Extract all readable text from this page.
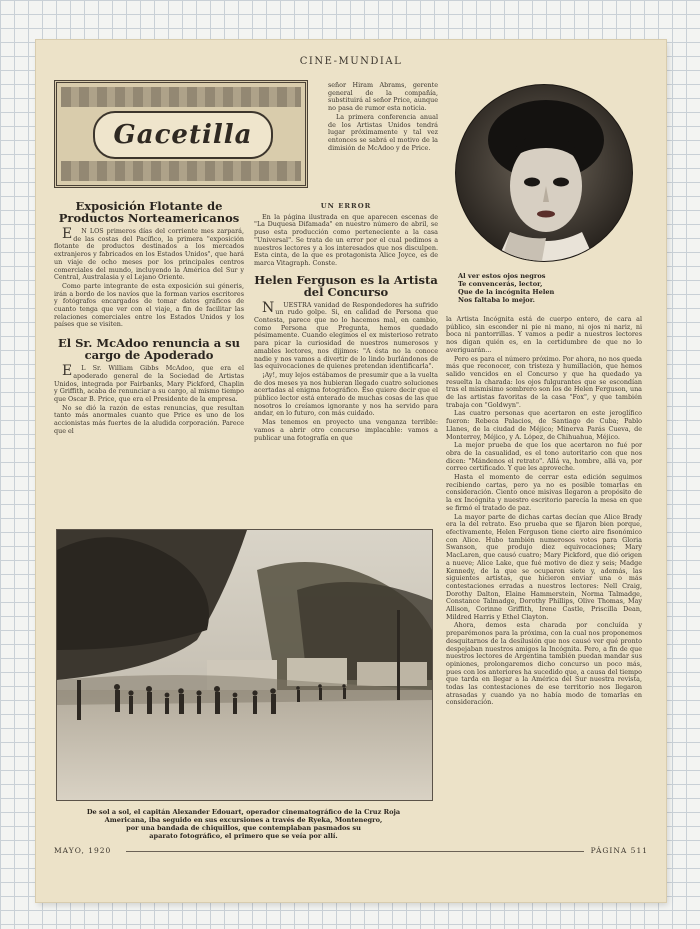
CINE-MUNDIAL
Gacetilla
Al ver estos ojos negros
Te convencerás, lector,
Que de la incógnita Helen
Nos faltaba lo mejor.
Exposición Flotante de Productos Norteamericanos

EN LOS primeros días del corriente mes zarpará, de las costas del Pacífico, la primera "exposición flotante de productos destinados a los mercados extranjeros y fabricados en los Estados Unidos", que hará un viaje de ocho meses por los principales centros comerciales del mundo, incluyendo la América del Sur y Central, Australasia y el Lejano Oriente.

Como parte integrante de esta exposición sui géneris, irán a bordo de los navíos que la forman varios escritores y fotógrafos encargados de tomar datos gráficos de cuanto tenga que ver con el viaje, a fin de facilitar las relaciones comerciales entre los Estados Unidos y los países que se visiten.

El Sr. McAdoo renuncia a su cargo de Apoderado

EL Sr. William Gibbs McAdoo, que era el apoderado general de la Sociedad de Artistas Unidos, integrada por Fairbanks, Mary Pickford, Chaplin y Griffith, acaba de renunciar a su cargo, al mismo tiempo que Oscar B. Price, que era el Presidente de la empresa.

No se dió la razón de estas renuncias, que resultan tanto más anormales cuanto que Price es uno de los accionistas más fuertes de la aludida corporación. Parece que el

señor Hiram Abrams, gerente general de la compañía, substituirá al señor Price, aunque no pasa de rumor esta noticia.

La primera conferencia anual de los Artistas Unidos tendrá lugar próximamente y tal vez entonces se sabrá el motivo de la dimisión de McAdoo y de Price.

UN ERROR

En la página ilustrada en que aparecen escenas de "La Duquesa Difamada" en nuestro número de abril, se puso esta producción como perteneciente a la casa "Universal". Se trata de un error por el cual pedimos a nuestros lectores y a los interesados que nos disculpen. Esta cinta, de la que es protagonista Alice Joyce, es de marca Vitagraph. Conste.

Helen Ferguson es la Artista del Concurso

NUESTRA vanidad de Respondedores ha sufrido un rudo golpe. Si, en calidad de Persona que Contesta, parece que no lo hacemos mal, en cambio, como Persona que Pregunta, hemos quedado pésimamente. Cuando elegimos el ex misterioso retrato para picar la curiosidad de nuestros numerosos y amables lectores, nos dijimos: "A ésta no la conoce nadie y nos vamos a divertir de lo lindo burlándonos de las equivocaciones de quienes pretendan identificarla".

¡Ay!, muy lejos estábamos de presumir que a la vuelta de dos meses ya nos hubieran llegado cuatro soluciones acertadas al enigma fotográfico. Eso quiere decir que el público lector está enterado de muchas cosas de las que nosotros lo creíamos ignorante y nos ha servido para andar, en lo futuro, con más cuidado.

Mas tenemos en proyecto una venganza terrible: vamos a abrir otro concurso implacable: vamos a publicar una fotografía en que

la Artista Incógnita está de cuerpo entero, de cara al público, sin esconder ni pie ni mano, ni ojos ni nariz, ni boca ni pantorrillas. Y vamos a pedir a nuestros lectores nos digan quién es, en la certidumbre de que no lo averiguarán...

Pero es para el número próximo. Por ahora, no nos queda más que reconocer, con tristeza y humillación, que hemos salido vencidos en el Concurso y que ha quedado ya resuelta la charada: los ojos fulgurantes que se escondían tras el mismísimo sombrero son los de Helen Ferguson, una de las artistas favoritas de la casa "Fox", y que también trabaja con "Goldwyn".

Las cuatro personas que acertaron en este jeroglífico fueron: Rebeca Palacios, de Santiago de Cuba; Pablo Llanes, de la ciudad de Méjico; Minerva Parás Cueva, de Monterrey, Méjico, y A. López, de Chihuahua, Méjico.

La mejor prueba de que los que acertaron no fué por obra de la casualidad, es el tono autoritario con que nos dicen: "Mándenos el retrato". Allá va, hombre, allá va, por correo certificado. Y que les aproveche.

Hasta el momento de cerrar esta edición seguimos recibiendo cartas, pero ya no es posible tomarlas en consideración. Ciento once misivas llegaron a propósito de la ex Incógnita y nuestro escritorio parecía la mesa en que se firmó el tratado de paz.

La mayor parte de dichas cartas decían que Alice Brady era la del retrato. Eso prueba que se fijaron bien porque, efectivamente, Helen Ferguson tiene cierto aire fisonómico con Alice. Hubo también numerosos votos para Gloria Swanson, que produjo diez equivocaciones; Mary MacLaren, que causó cuatro; Mary Pickford, que dió origen a nueve; Alice Lake, que fué motivo de diez y seis; Madge Kennedy, de la que se ocuparon siete y, además, las siguientes artistas, que hicieron enviar una o más contestaciones erradas a nuestros lectores: Nell Craig, Dorothy Dalton, Elaine Hammerstein, Norma Talmadge, Constance Talmadge, Dorothy Phillips, Olive Thomas, May Allison, Corinne Griffith, Irene Castle, Priscilla Dean, Mildred Harris y Ethel Clayton.

Ahora, demos esta charada por concluída y preparémonos para la próxima, con la cual nos proponemos desquitarnos de la desilusión que nos causó ver qué pronto despejaban nuestros amigos la Incógnita. Pero, a fin de que nuestros lectores de Argentina también puedan mandar sus opiniones, prolongaremos dicho concurso un poco más, pues con los anteriores ha sucedido que, a causa del tiempo que tarda en llegar a la América del Sur nuestra revista, todas las contestaciones de ese territorio nos llegaron atrasadas y cuando ya no había modo de tomarlas en consideración.

De sol a sol, el capitán Alexander Edouart, operador cinematográfico de la Cruz Roja
Americana, iba seguido en sus excursiones a través de Ryeka, Montenegro,
por una bandada de chiquillos, que contemplaban pasmados su
aparato fotográfico, el primero que se veía por allí.
MAYO, 1920	PÁGINA 511
